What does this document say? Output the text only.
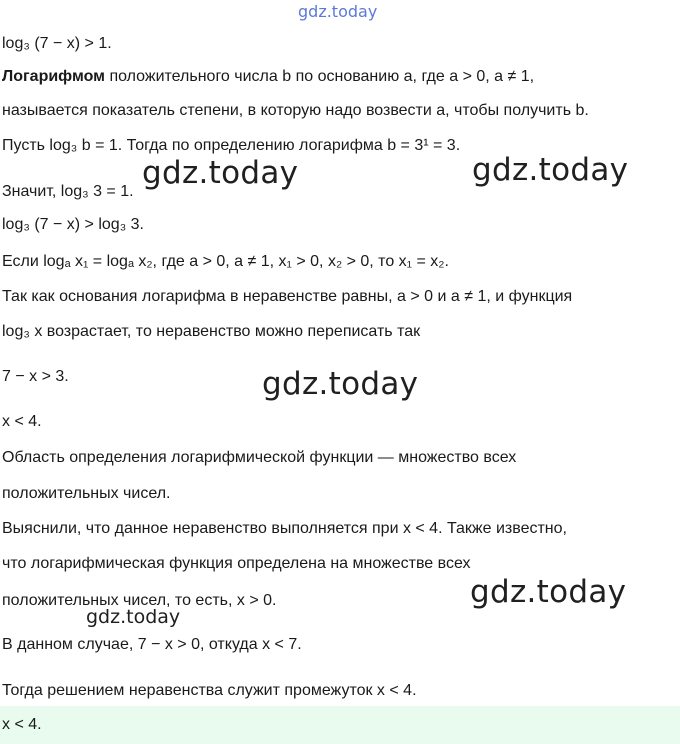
gdz.today
log₃ (7 − x) > 1.
Логарифмом положительного числа b по основанию a, где a > 0, a ≠ 1,
называется показатель степени, в которую надо возвести a, чтобы получить b.
Пусть log₃ b = 1. Тогда по определению логарифма b = 3¹ = 3.
Значит, log₃ 3 = 1.
log₃ (7 − x) > log₃ 3.
Если logₐ x₁ = logₐ x₂, где a > 0, a ≠ 1, x₁ > 0, x₂ > 0, то x₁ = x₂.
Так как основания логарифма в неравенстве равны, a > 0 и a ≠ 1, и функция
log₃ x возрастает, то неравенство можно переписать так
7 − x > 3.
x < 4.
Область определения логарифмической функции — множество всех
положительных чисел.
Выяснили, что данное неравенство выполняется при x < 4. Также известно,
что логарифмическая функция определена на множестве всех
положительных чисел, то есть, x > 0.
В данном случае, 7 − x > 0, откуда x < 7.
Тогда решением неравенства служит промежуток x < 4.
x < 4.
gdz.today	gdz.today
gdz.today
gdz.today
gdz.today
